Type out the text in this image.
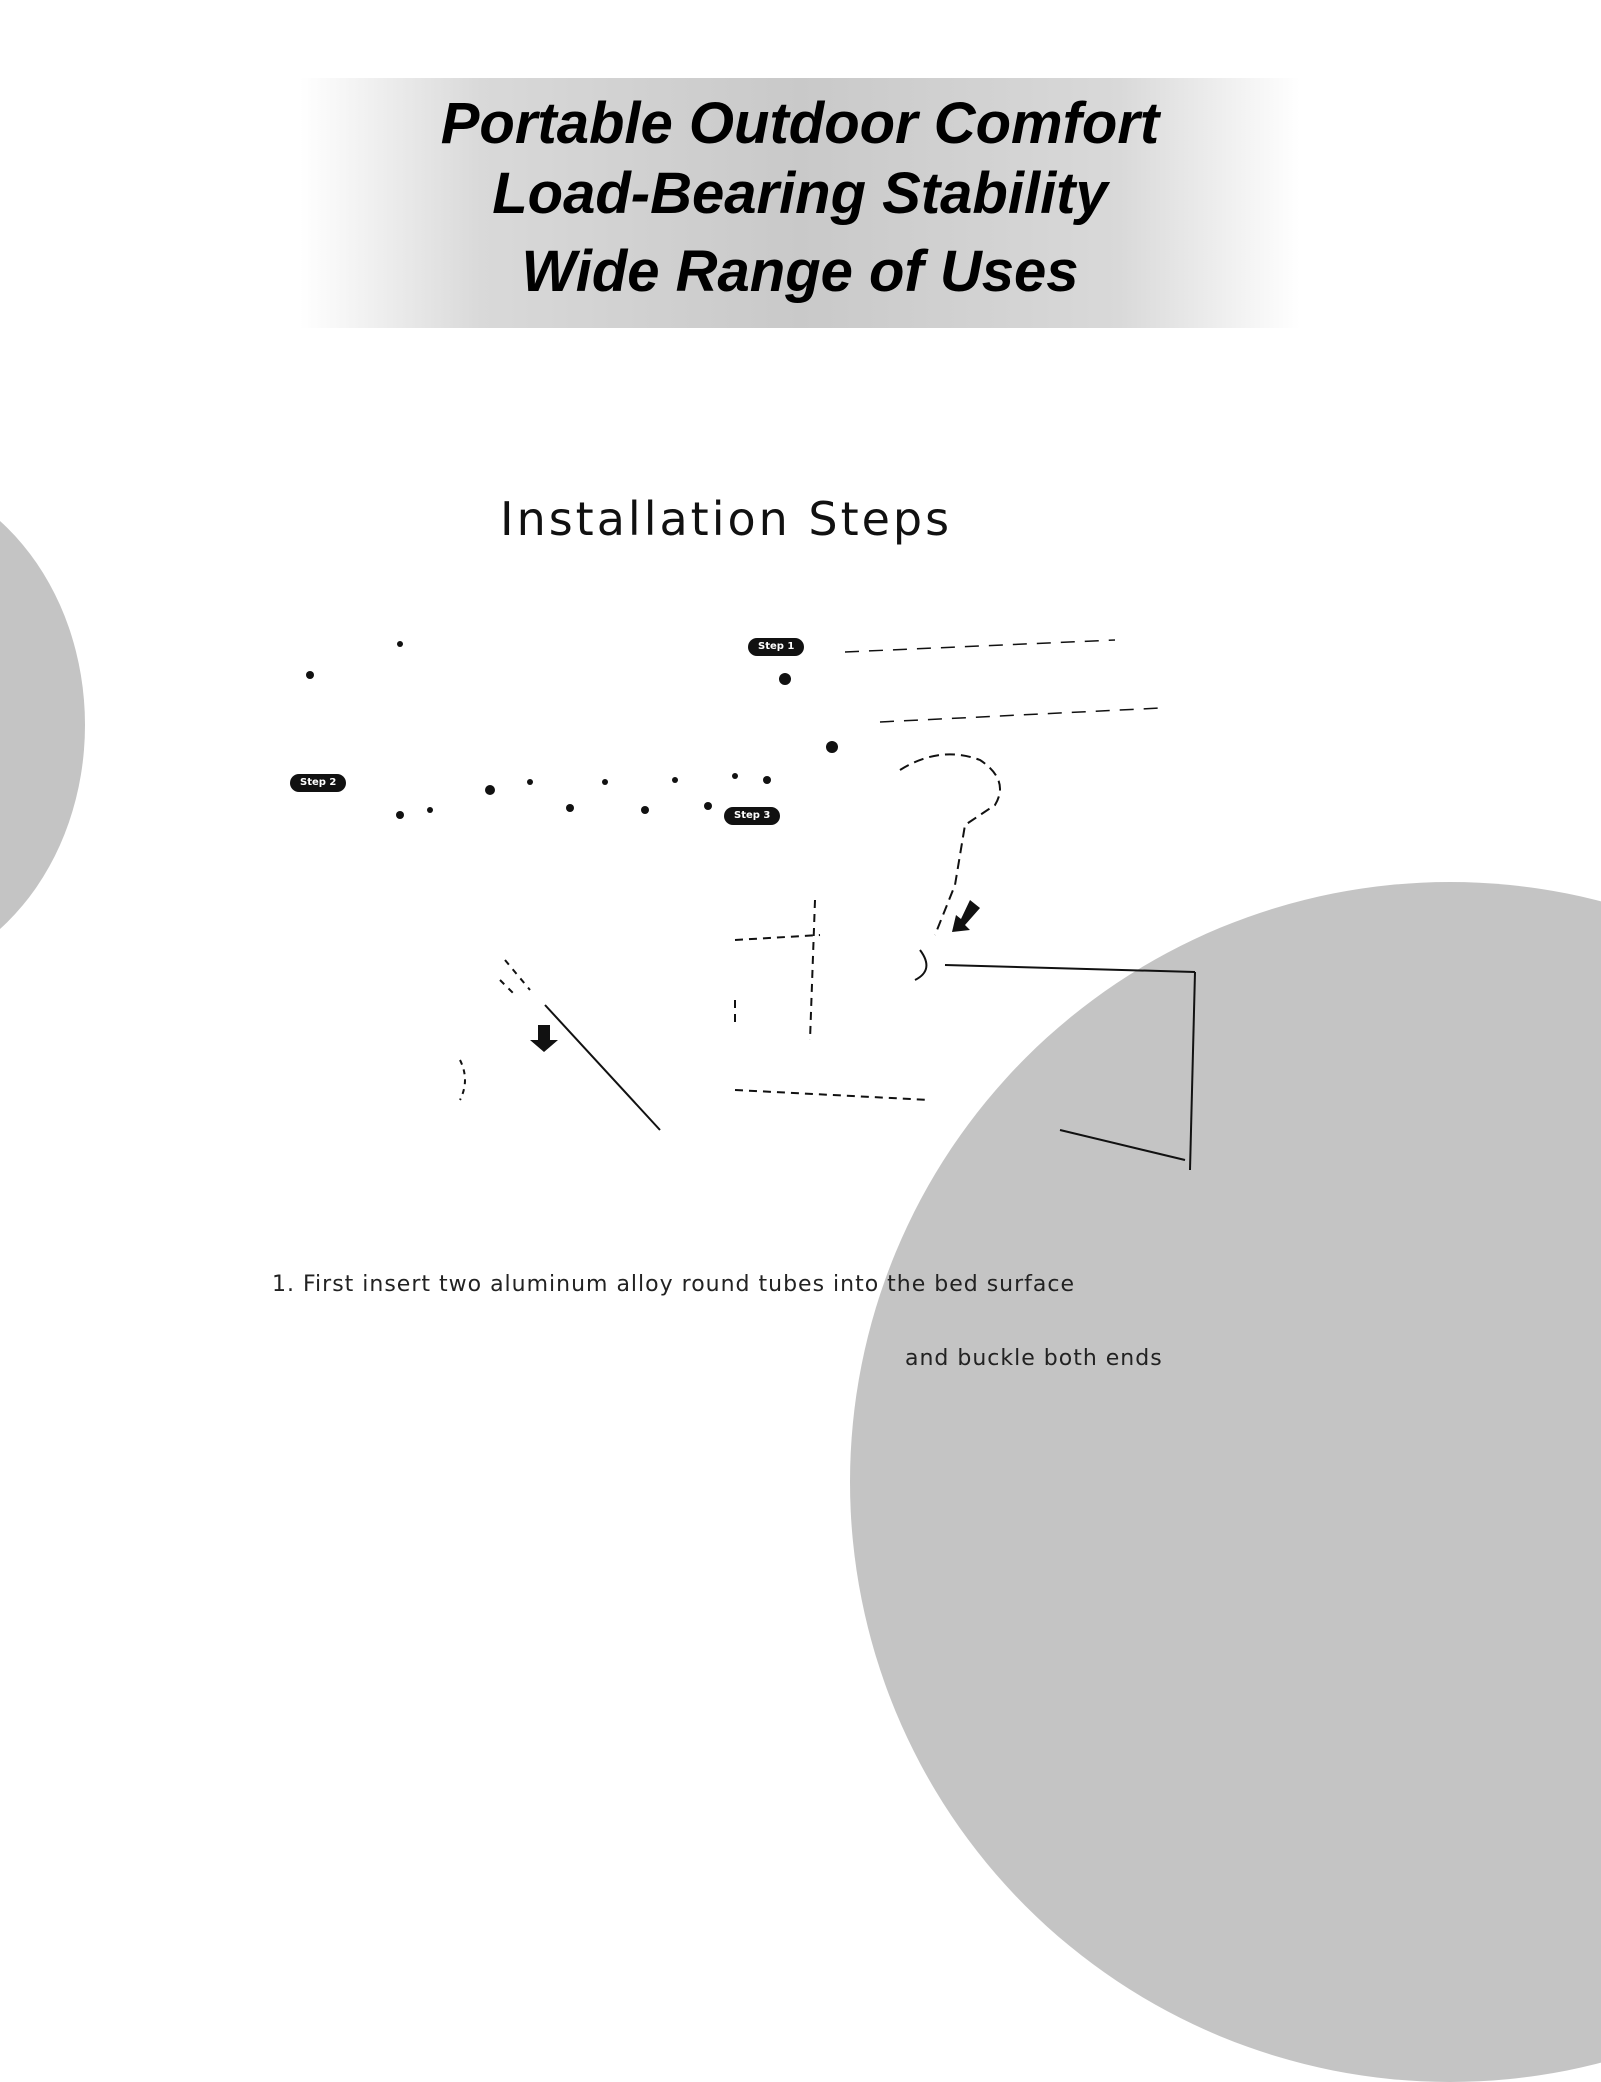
Portable Outdoor Comfort
Load-Bearing Stability
Wide Range of Uses
Installation Steps
Step 1
Step 2
Step 3
1. First insert two aluminum alloy round tubes into the bed surface
and buckle both ends
